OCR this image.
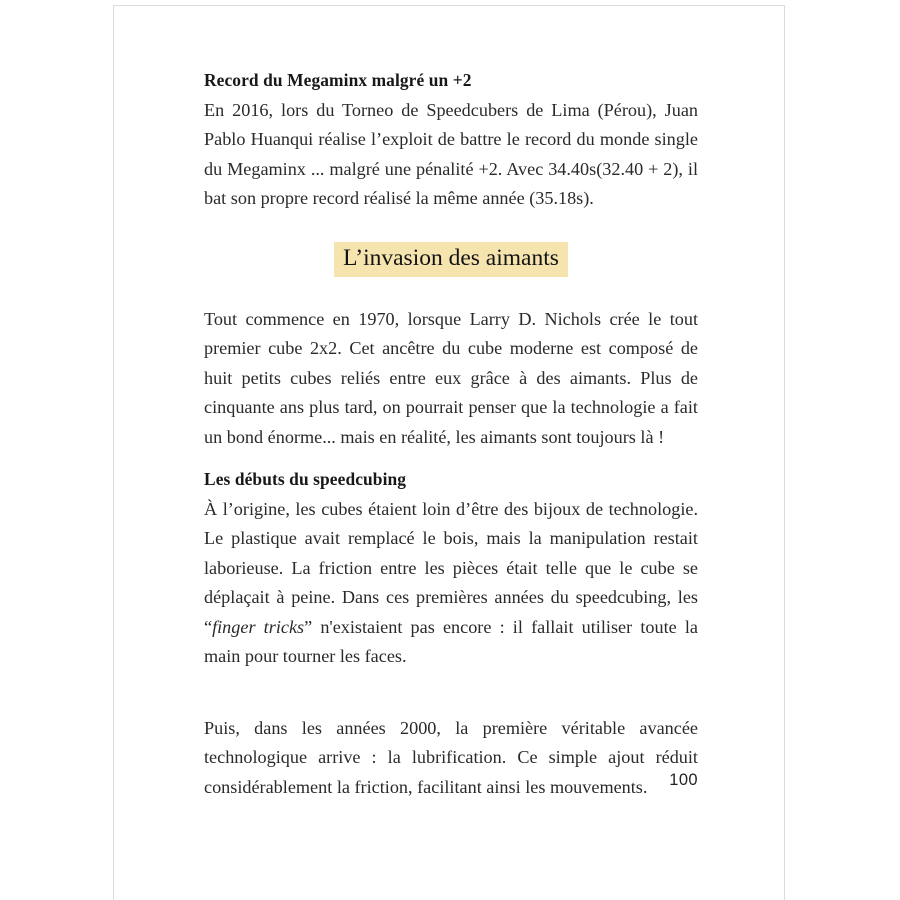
Record du Megaminx malgré un +2

En 2016, lors du Torneo de Speedcubers de Lima (Pérou), Juan Pablo Huanqui réalise l’exploit de battre le record du monde single du Megaminx ... malgré une pénalité +2. Avec 34.40s(32.40 + 2), il bat son propre record réalisé la même année (35.18s).

L’invasion des aimants

Tout commence en 1970, lorsque Larry D. Nichols crée le tout premier cube 2x2. Cet ancêtre du cube moderne est composé de huit petits cubes reliés entre eux grâce à des aimants. Plus de cinquante ans plus tard, on pourrait penser que la technologie a fait un bond énorme... mais en réalité, les aimants sont toujours là !

Les débuts du speedcubing

À l’origine, les cubes étaient loin d’être des bijoux de technologie. Le plastique avait remplacé le bois, mais la manipulation restait laborieuse. La friction entre les pièces était telle que le cube se déplaçait à peine. Dans ces premières années du speedcubing, les “finger tricks” n'existaient pas encore : il fallait utiliser toute la main pour tourner les faces.

Puis, dans les années 2000, la première véritable avancée technologique arrive : la lubrification. Ce simple ajout réduit considérablement la friction, facilitant ainsi les mouvements.	100
